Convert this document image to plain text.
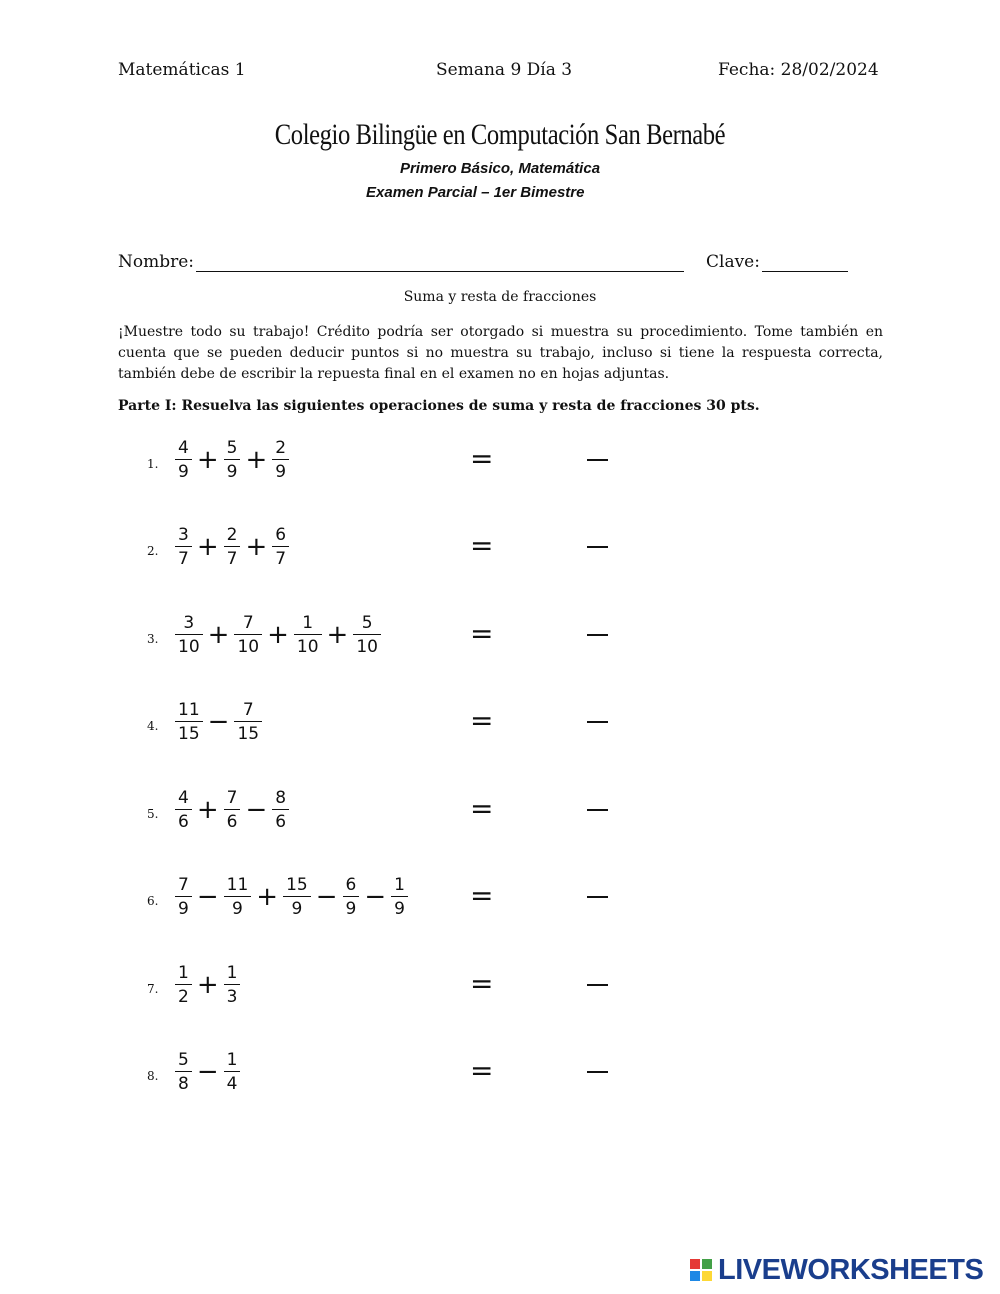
Matemáticas 1	Semana 9 Día 3	Fecha: 28/02/2024
Colegio Bilingüe en Computación San Bernabé
Primero Básico, Matemática
Examen Parcial – 1er Bimestre
Nombre:	Clave:
Suma y resta de fracciones
¡Muestre todo su trabajo! Crédito podría ser otorgado si muestra su procedimiento. Tome también en cuenta que se pueden deducir puntos si no muestra su trabajo, incluso si tiene la respuesta correcta, también debe de escribir la repuesta final en el examen no en hojas adjuntas.
Parte I: Resuelva las siguientes operaciones de suma y resta de fracciones 30 pts.
1. $\frac{4}{9} + \frac{5}{9} + \frac{2}{9}$	=
2. $\frac{3}{7} + \frac{2}{7} + \frac{6}{7}$	=
3. $\frac{3}{10} + \frac{7}{10} + \frac{1}{10} + \frac{5}{10}$	=
4. $\frac{11}{15} - \frac{7}{15}$	=
5. $\frac{4}{6} + \frac{7}{6} - \frac{8}{6}$	=
6. $\frac{7}{9} - \frac{11}{9} + \frac{15}{9} - \frac{6}{9} - \frac{1}{9}$ =
7. $\frac{1}{2} + \frac{1}{3}$	=
8. $\frac{5}{8} - \frac{1}{4}$	=
LIVEWORKSHEETS
